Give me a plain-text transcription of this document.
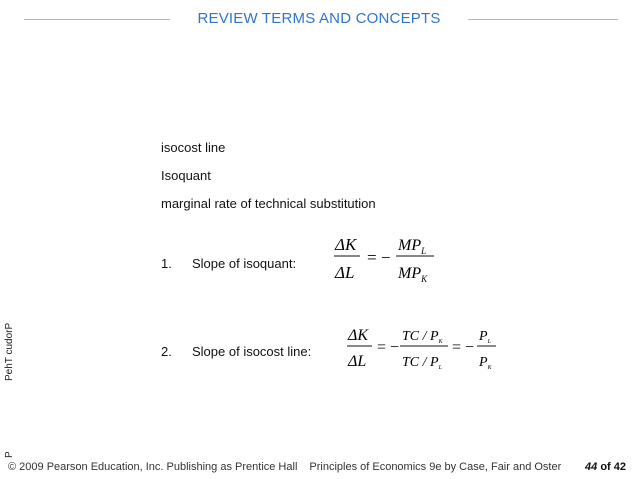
REVIEW TERMS AND CONCEPTS
isocost line
Isoquant
marginal rate of technical substitution
1. Slope of isoquant:
ΔK
ΔL
= −
$MP_L$
$MP_K$
2. Slope of isocost line:
ΔK
ΔL
= −
TC / $P_K$
TC / $P_L$
= −
$P_L$
$P_K$
PehT cudorP
P
© 2009 Pearson Education, Inc. Publishing as Prentice Hall Principles of Economics 9e by Case, Fair and Oster 44 of 42
